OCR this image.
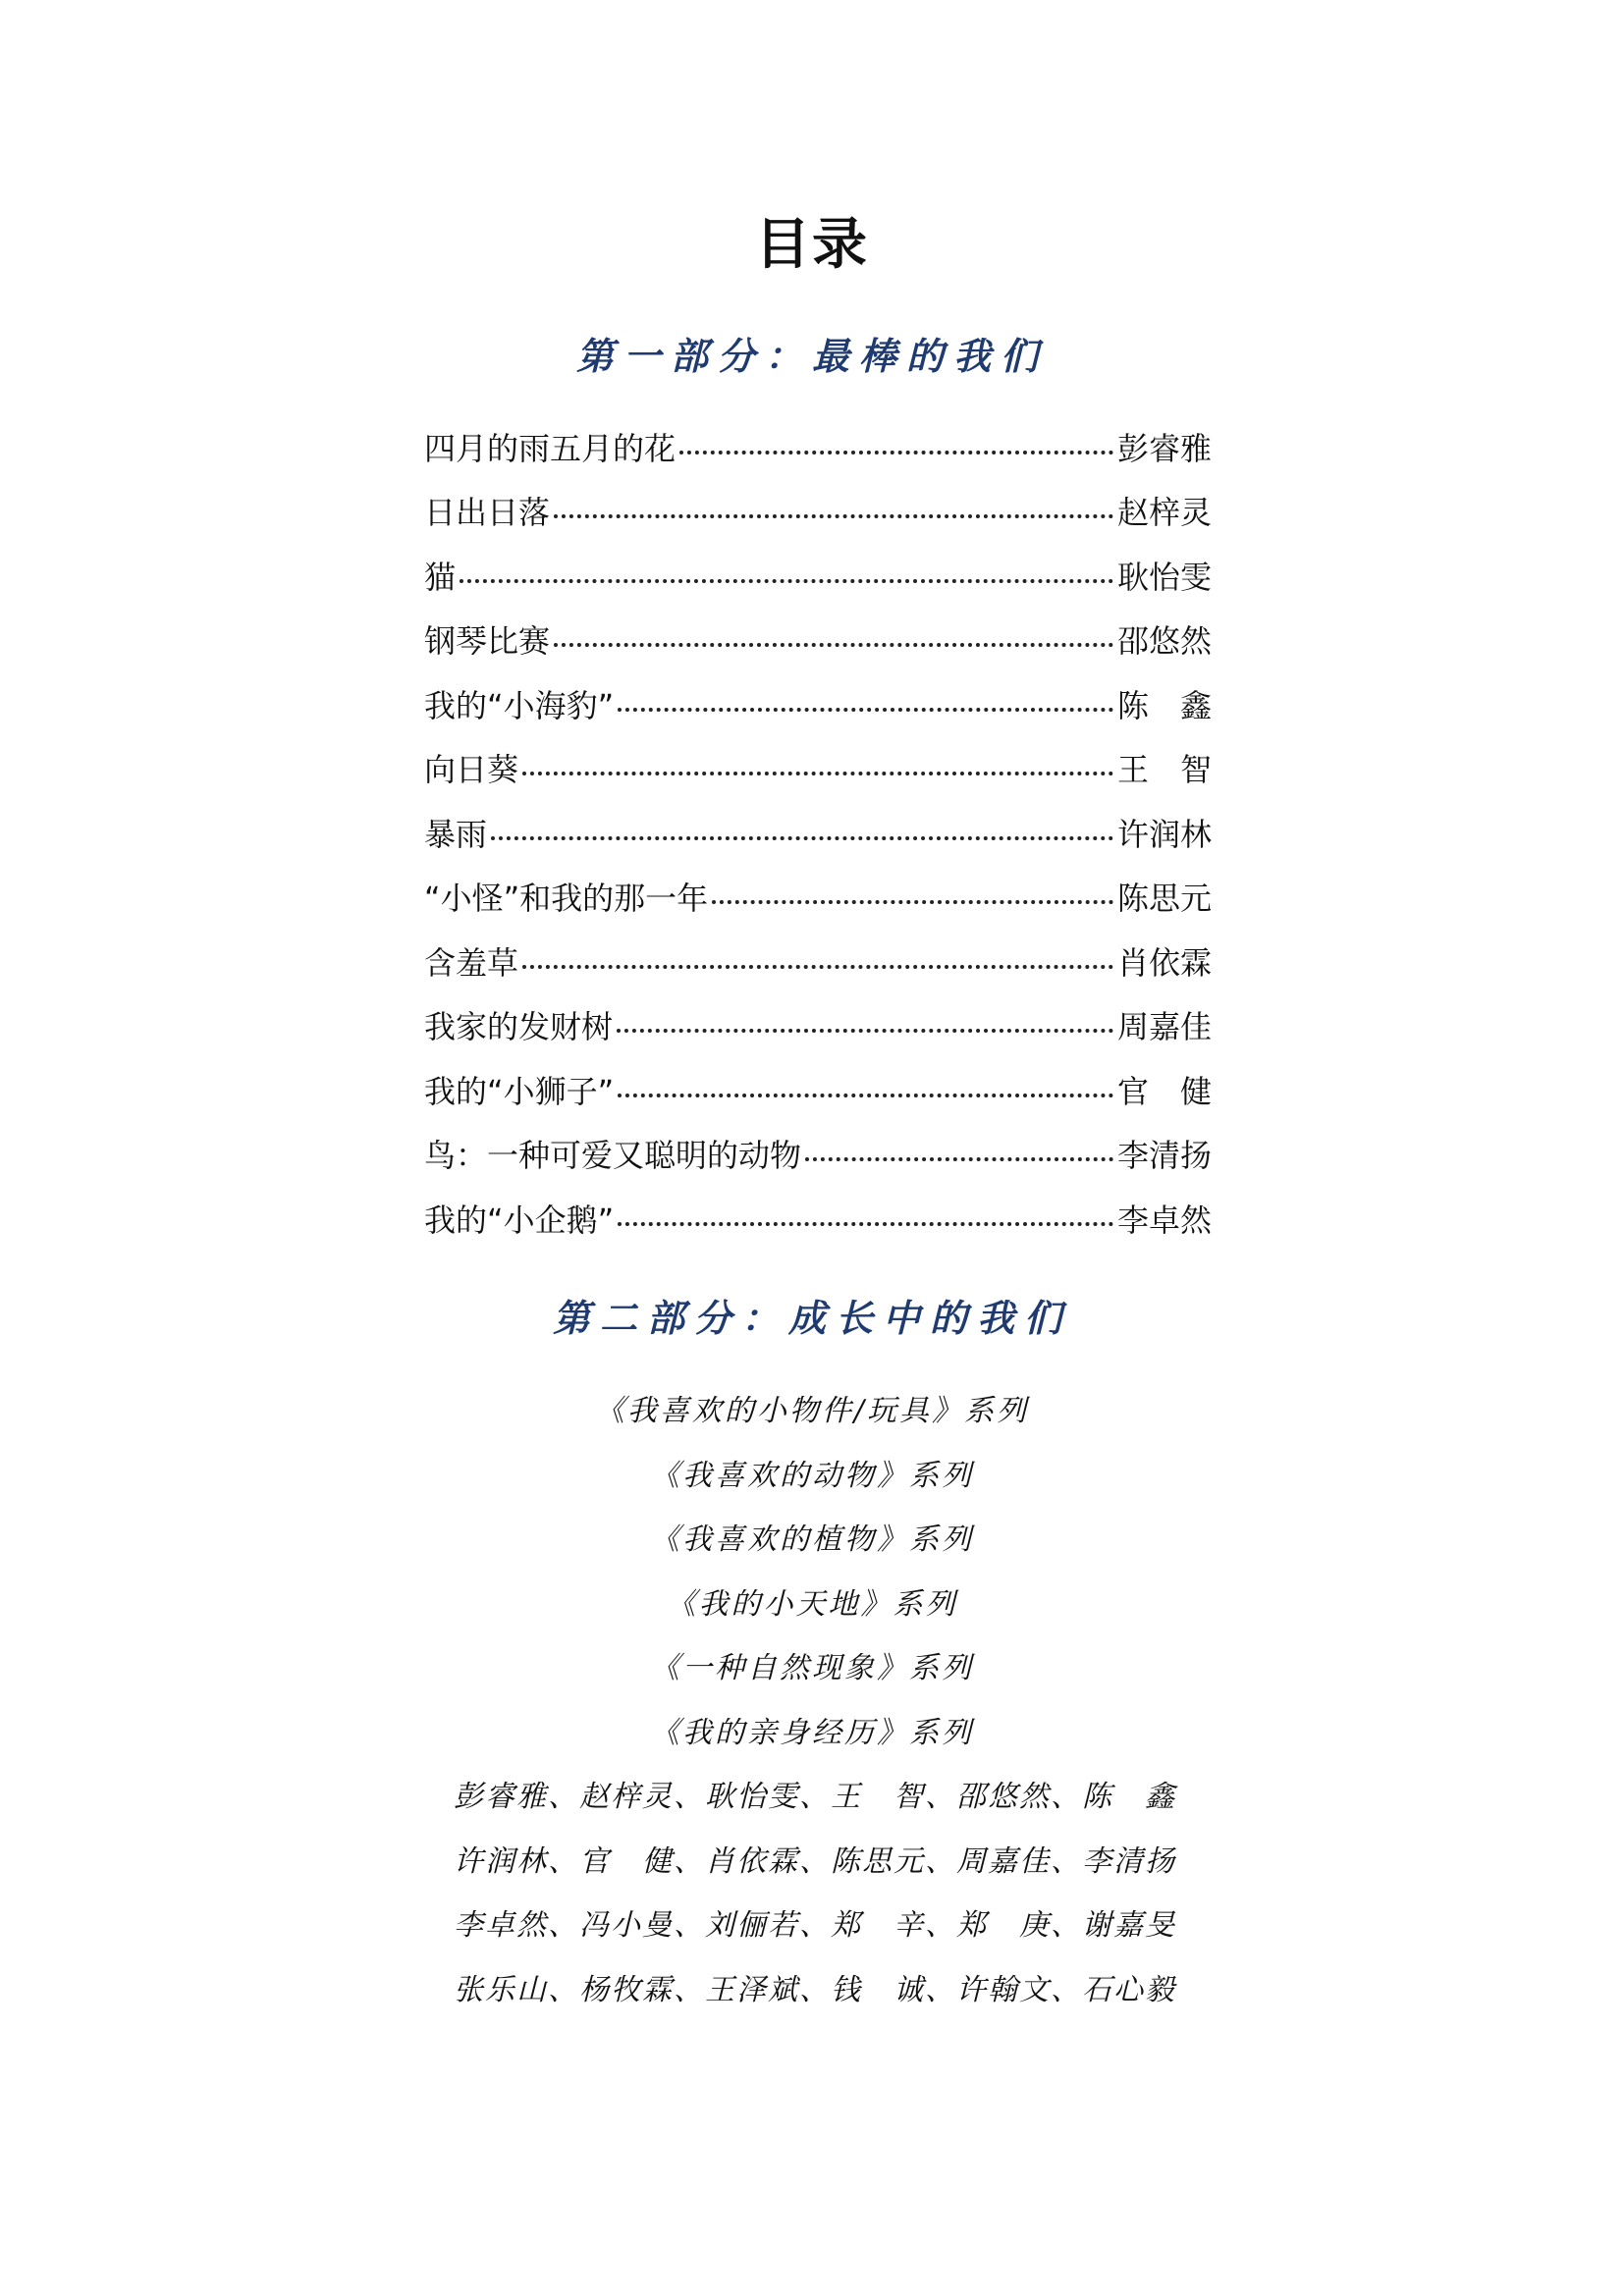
目录
第一部分：最棒的我们
四月的雨五月的花	彭睿雅
日出日落	赵梓灵
猫	耿怡雯
钢琴比赛	邵悠然
我的“小海豹”	陈　鑫
向日葵	王　智
暴雨	许润林
“小怪”和我的那一年	陈思元
含羞草	肖依霖
我家的发财树	周嘉佳
我的“小狮子”	官　健
鸟：一种可爱又聪明的动物	李清扬
我的“小企鹅”	李卓然
第二部分：成长中的我们
《我喜欢的小物件/玩具》系列
《我喜欢的动物》系列
《我喜欢的植物》系列
《我的小天地》系列
《一种自然现象》系列
《我的亲身经历》系列
彭睿雅、赵梓灵、耿怡雯、王　智、邵悠然、陈　鑫
许润林、官　健、肖依霖、陈思元、周嘉佳、李清扬
李卓然、冯小曼、刘俪若、郑　辛、郑　庚、谢嘉旻
张乐山、杨牧霖、王泽斌、钱　诚、许翰文、石心毅
